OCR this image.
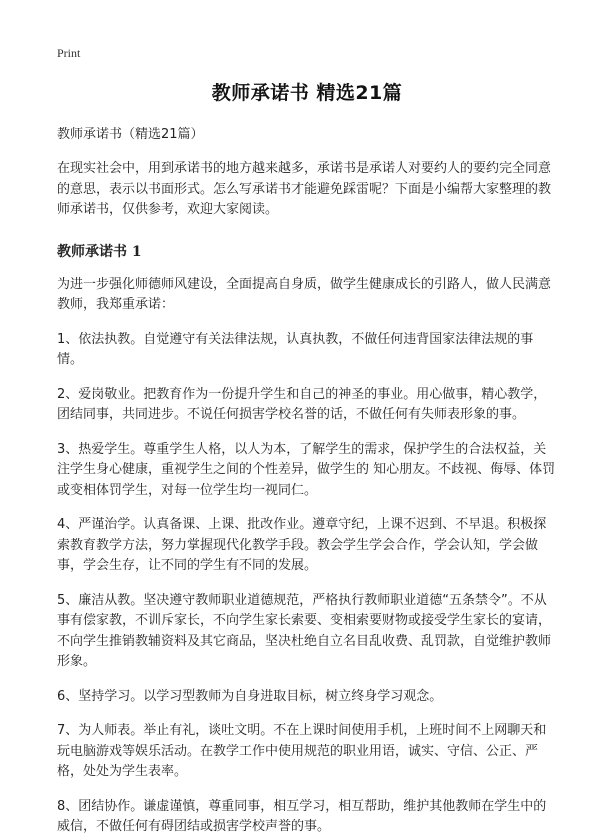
Print
教师承诺书 精选21篇
教师承诺书（精选21篇）

在现实社会中，用到承诺书的地方越来越多，承诺书是承诺人对要约人的要约完全同意的意思，表示以书面形式。怎么写承诺书才能避免踩雷呢？下面是小编帮大家整理的教师承诺书，仅供参考，欢迎大家阅读。

教师承诺书 1

为进一步强化师德师风建设，全面提高自身质，做学生健康成长的引路人，做人民满意教师，我郑重承诺：

1、依法执教。自觉遵守有关法律法规，认真执教，不做任何违背国家法律法规的事情。

2、爱岗敬业。把教育作为一份提升学生和自己的神圣的事业。用心做事，精心教学，团结同事，共同进步。不说任何损害学校名誉的话，不做任何有失师表形象的事。

3、热爱学生。尊重学生人格，以人为本，了解学生的需求，保护学生的合法权益，关注学生身心健康，重视学生之间的个性差异，做学生的 知心朋友。不歧视、侮辱、体罚或变相体罚学生，对每一位学生均一视同仁。

4、严谨治学。认真备课、上课、批改作业。遵章守纪，上课不迟到、不早退。积极探索教育教学方法，努力掌握现代化教学手段。教会学生学会合作，学会认知，学会做事，学会生存，让不同的学生有不同的发展。

5、廉洁从教。坚决遵守教师职业道德规范，严格执行教师职业道德“五条禁令”。不从事有偿家教，不训斥家长，不向学生家长索要、变相索要财物或接受学生家长的宴请，不向学生推销教辅资料及其它商品，坚决杜绝自立名目乱收费、乱罚款，自觉维护教师形象。

6、坚持学习。以学习型教师为自身进取目标，树立终身学习观念。

7、为人师表。举止有礼，谈吐文明。不在上课时间使用手机，上班时间不上网聊天和玩电脑游戏等娱乐活动。在教学工作中使用规范的职业用语，诚实、守信、公正、严格，处处为学生表率。

8、团结协作。谦虚谨慎，尊重同事，相互学习，相互帮助，维护其他教师在学生中的威信，不做任何有碍团结或损害学校声誉的事。
